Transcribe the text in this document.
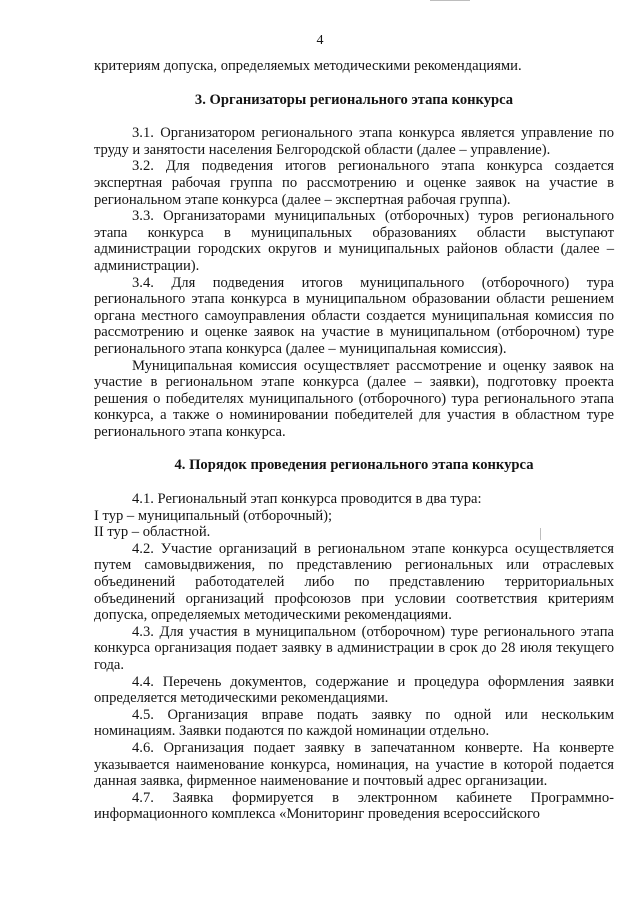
4

критериям допуска, определяемых методическими рекомендациями.

3. Организаторы регионального этапа конкурса

3.1. Организатором регионального этапа конкурса является управление по труду и занятости населения Белгородской области (далее – управление).

3.2. Для подведения итогов регионального этапа конкурса создается экспертная рабочая группа по рассмотрению и оценке заявок на участие в региональном этапе конкурса (далее – экспертная рабочая группа).

3.3. Организаторами муниципальных (отборочных) туров регионального этапа конкурса в муниципальных образованиях области выступают администрации городских округов и муниципальных районов области (далее – администрации).

3.4. Для подведения итогов муниципального (отборочного) тура регионального этапа конкурса в муниципальном образовании области решением органа местного самоуправления области создается муниципальная комиссия по рассмотрению и оценке заявок на участие в муниципальном (отборочном) туре регионального этапа конкурса (далее – муниципальная комиссия).

Муниципальная комиссия осуществляет рассмотрение и оценку заявок на участие в региональном этапе конкурса (далее – заявки), подготовку проекта решения о победителях муниципального (отборочного) тура регионального этапа конкурса, а также о номинировании победителей для участия в областном туре регионального этапа конкурса.

4. Порядок проведения регионального этапа конкурса

4.1. Региональный этап конкурса проводится в два тура:

I тур – муниципальный (отборочный);

II тур – областной.

4.2. Участие организаций в региональном этапе конкурса осуществляется путем самовыдвижения, по представлению региональных или отраслевых объединений работодателей либо по представлению территориальных объединений организаций профсоюзов при условии соответствия критериям допуска, определяемых методическими рекомендациями.

4.3. Для участия в муниципальном (отборочном) туре регионального этапа конкурса организация подает заявку в администрации в срок до 28 июля текущего года.

4.4. Перечень документов, содержание и процедура оформления заявки определяется методическими рекомендациями.

4.5. Организация вправе подать заявку по одной или нескольким номинациям. Заявки подаются по каждой номинации отдельно.

4.6. Организация подает заявку в запечатанном конверте. На конверте указывается наименование конкурса, номинация, на участие в которой подается данная заявка, фирменное наименование и почтовый адрес организации.

4.7. Заявка формируется в электронном кабинете Программно-информационного комплекса «Мониторинг проведения всероссийского
